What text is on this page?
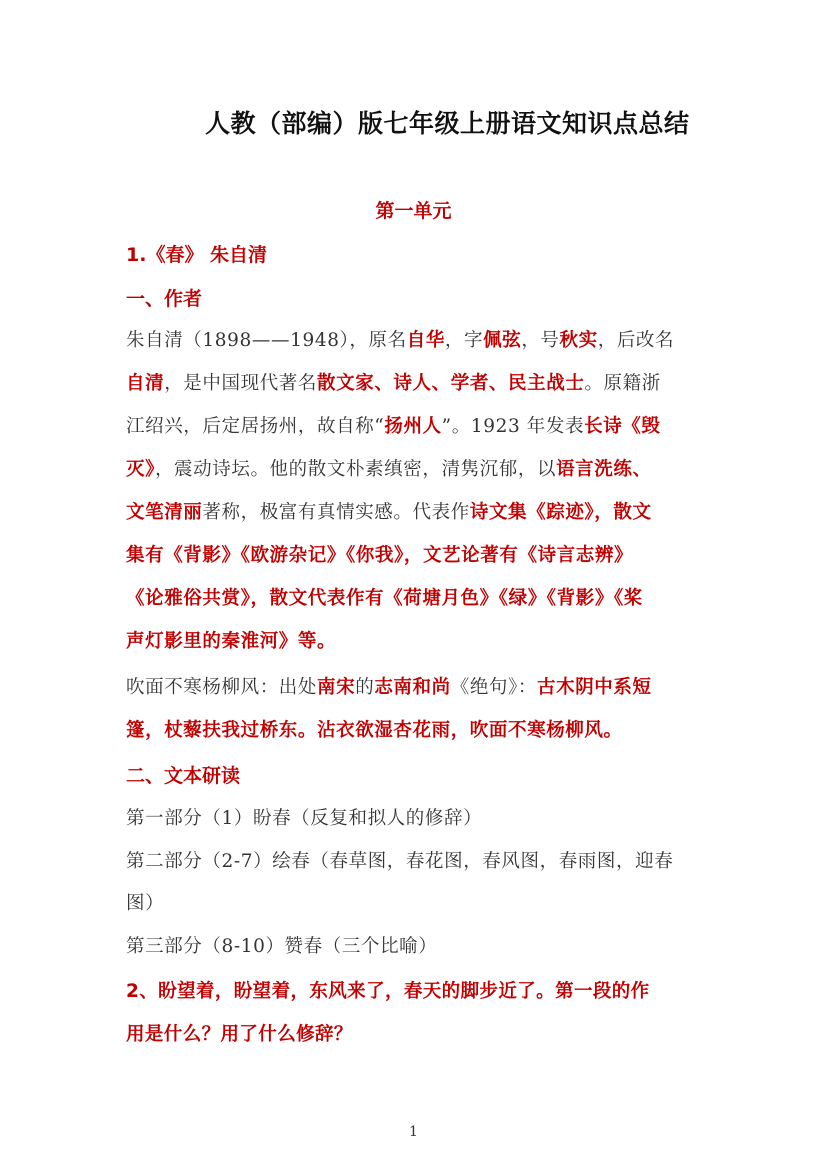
人教（部编）版七年级上册语文知识点总结
第一单元
1.《春》 朱自清
一、作者
朱自清（1898——1948），原名自华，字佩弦，号秋实，后改名
自清，是中国现代著名散文家、诗人、学者、民主战士。原籍浙
江绍兴，后定居扬州，故自称“扬州人”。1923 年发表长诗《毁
灭》，震动诗坛。他的散文朴素缜密，清隽沉郁，以语言洗练、
文笔清丽著称，极富有真情实感。代表作诗文集《踪迹》，散文
集有《背影》《欧游杂记》《你我》，文艺论著有《诗言志辨》
《论雅俗共赏》，散文代表作有《荷塘月色》《绿》《背影》《桨
声灯影里的秦淮河》等。
吹面不寒杨柳风：出处南宋的志南和尚《绝句》：古木阴中系短
篷，杖藜扶我过桥东。沾衣欲湿杏花雨，吹面不寒杨柳风。
二、文本研读
第一部分（1）盼春（反复和拟人的修辞）
第二部分（2-7）绘春（春草图，春花图，春风图，春雨图，迎春
图）
第三部分（8-10）赞春（三个比喻）
2、盼望着，盼望着，东风来了，春天的脚步近了。第一段的作
用是什么？用了什么修辞？
1
